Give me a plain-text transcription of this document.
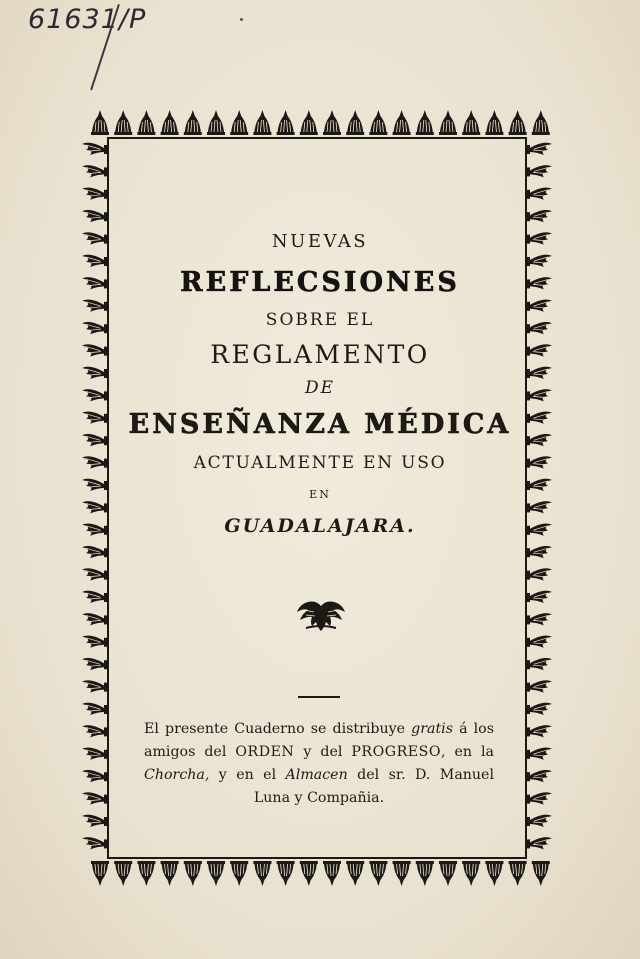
61631/P
NUEVAS
REFLECSIONES
SOBRE EL
REGLAMENTO
DE
ENSEÑANZA MÉDICA
ACTUALMENTE EN USO
EN
GUADALAJARA.
El presente Cuaderno se distribuye gratis á los amigos del ORDEN y del PROGRESO, en la Chorcha, y en el Almacen del sr. D. Manuel
Luna y Compañia.
